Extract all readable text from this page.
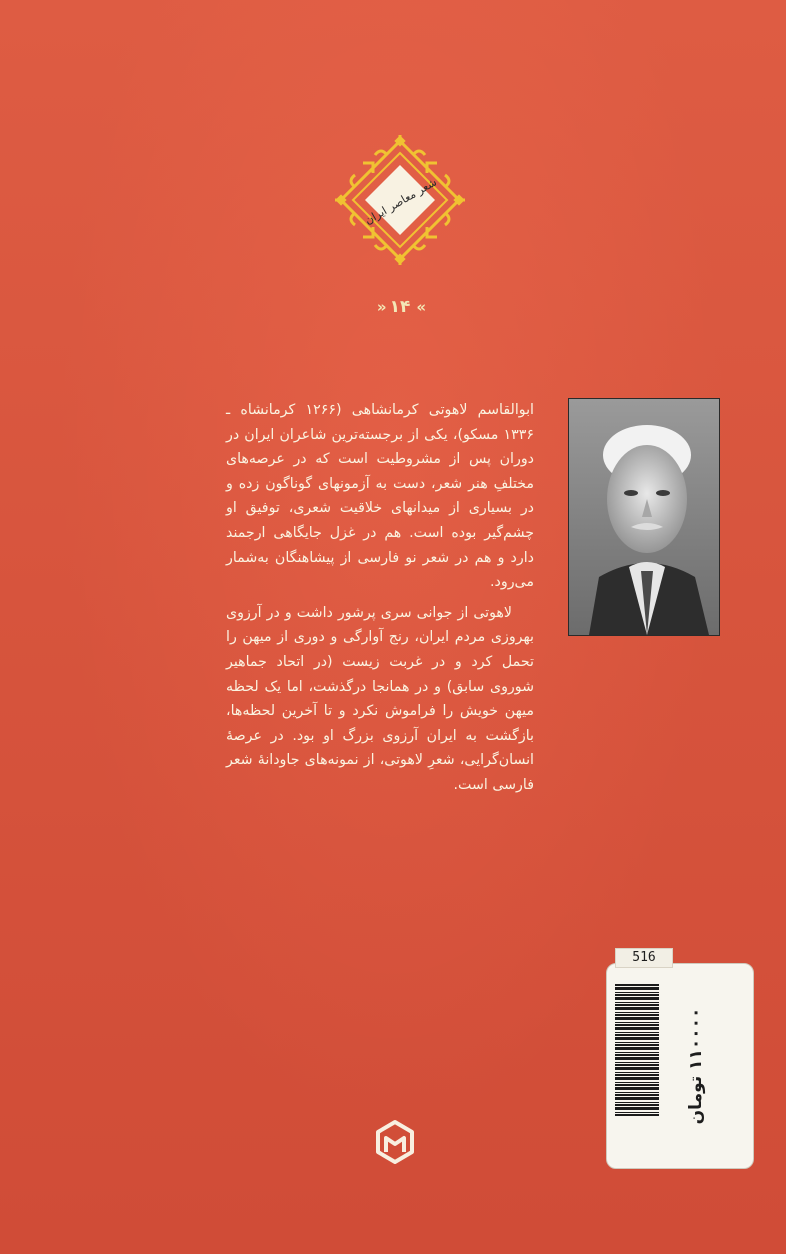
شعر معاصر ایران
» ۱۴ «

ابوالقاسم لاهوتی کرمانشاهی (۱۲۶۶ کرمانشاه ـ ۱۳۳۶ مسکو)، یکی از برجسته‌ترین شاعران ایران در دوران پس از مشروطیت است که در عرصه‌های مختلفِ هنر شعر، دست به آزمونهای گوناگون زده و در بسیاری از میدانهای خلاقیت شعری، توفیق او چشم‌گیر بوده است. هم در غزل جایگاهی ارجمند دارد و هم در شعر نو فارسی از پیشاهنگان به‌شمار می‌رود.

لاهوتی از جوانی سری پرشور داشت و در آرزوی بهروزی مردم ایران، رنج آوارگی و دوری از میهن را تحمل کرد و در غربت زیست (در اتحاد جماهیر شوروی سابق) و در همانجا درگذشت، اما یک لحظه میهن خویش را فراموش نکرد و تا آخرین لحظه‌ها، بازگشت به ایران آرزوی بزرگ او بود. در عرصهٔ انسان‌گرایی، شعرِ لاهوتی، از نمونه‌های جاودانهٔ شعر فارسی است.

516
۱۱۰۰۰۰ تومان
